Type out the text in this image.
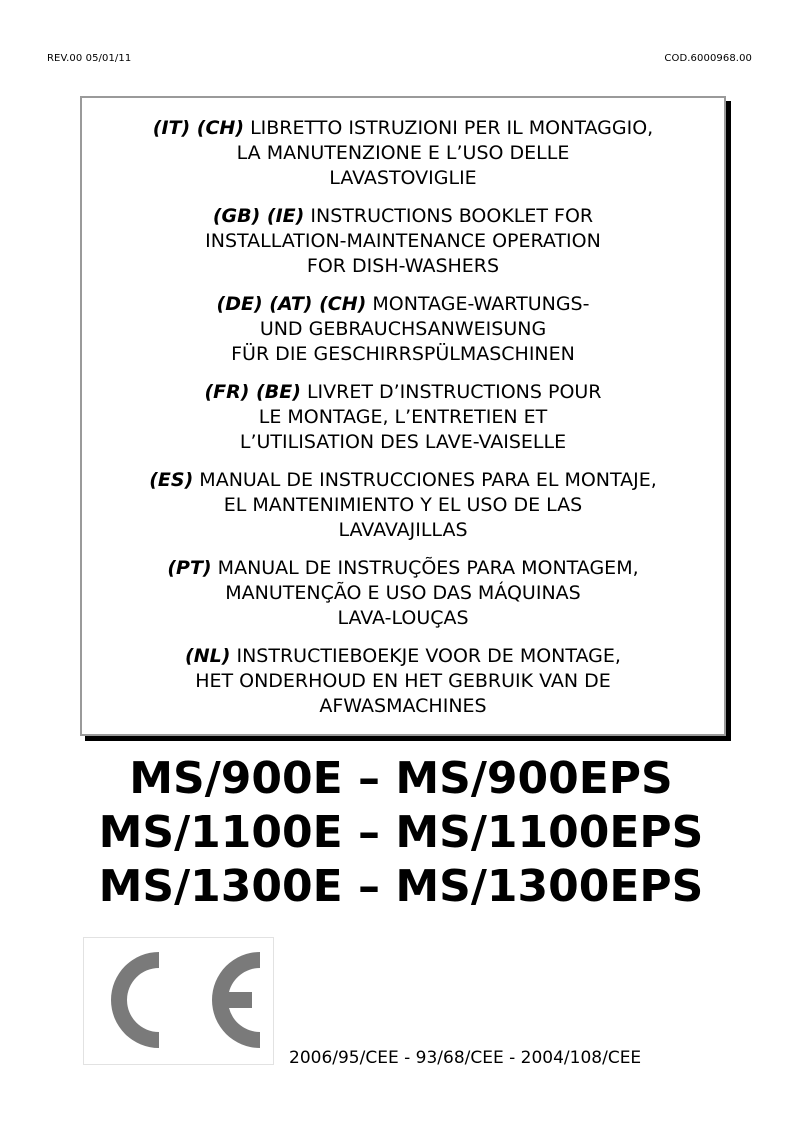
REV.00 05/01/11	COD.6000968.00
(IT) (CH) LIBRETTO ISTRUZIONI PER IL MONTAGGIO,
LA MANUTENZIONE E L’USO DELLE
LAVASTOVIGLIE
(GB) (IE) INSTRUCTIONS BOOKLET FOR
INSTALLATION-MAINTENANCE OPERATION
FOR DISH-WASHERS
(DE) (AT) (CH) MONTAGE-WARTUNGS-
UND GEBRAUCHSANWEISUNG
FÜR DIE GESCHIRRSPÜLMASCHINEN
(FR) (BE) LIVRET D’INSTRUCTIONS POUR
LE MONTAGE, L’ENTRETIEN ET
L’UTILISATION DES LAVE-VAISELLE
(ES) MANUAL DE INSTRUCCIONES PARA EL MONTAJE,
EL MANTENIMIENTO Y EL USO DE LAS
LAVAVAJILLAS
(PT) MANUAL DE INSTRUÇÕES PARA MONTAGEM,
MANUTENÇÃO E USO DAS MÁQUINAS
LAVA-LOUÇAS
(NL) INSTRUCTIEBOEKJE VOOR DE MONTAGE,
HET ONDERHOUD EN HET GEBRUIK VAN DE
AFWASMACHINES
MS/900E – MS/900EPS
MS/1100E – MS/1100EPS
MS/1300E – MS/1300EPS
2006/95/CEE - 93/68/CEE - 2004/108/CEE
